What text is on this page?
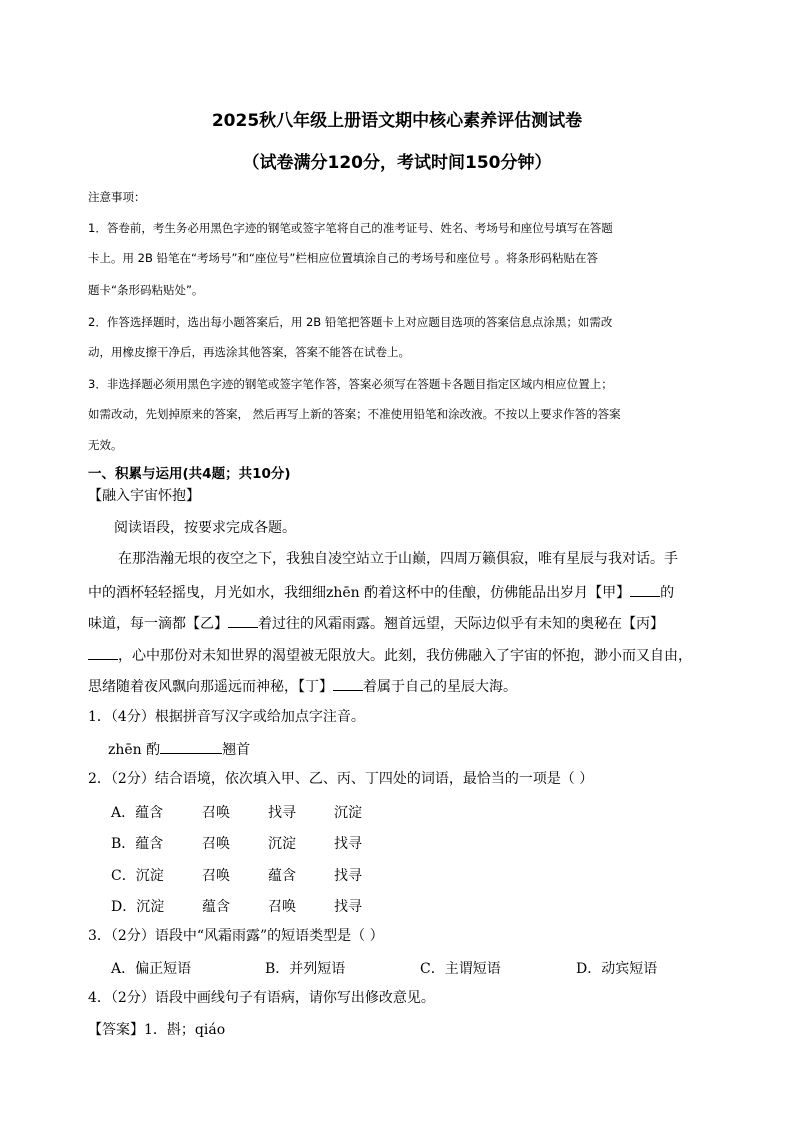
2025秋八年级上册语文期中核心素养评估测试卷
（试卷满分120分，考试时间150分钟）
注意事项：
1．答卷前，考生务必用黑色字迹的钢笔或签字笔将自己的准考证号、姓名、考场号和座位号填写在答题
卡上。用 2B 铅笔在“考场号”和“座位号”栏相应位置填涂自己的考场号和座位号 。将条形码粘贴在答
题卡“条形码粘贴处”。
2．作答选择题时，选出每小题答案后，用 2B 铅笔把答题卡上对应题目选项的答案信息点涂黑；如需改
动，用橡皮擦干净后，再选涂其他答案，答案不能答在试卷上。
3．非选择题必须用黑色字迹的钢笔或签字笔作答，答案必须写在答题卡各题目指定区域内相应位置上；
如需改动，先划掉原来的答案， 然后再写上新的答案；不准使用铅笔和涂改液。不按以上要求作答的答案
无效。
一、积累与运用(共4题；共10分)
【融入宇宙怀抱】
阅读语段，按要求完成各题。
在那浩瀚无垠的夜空之下，我独自凌空站立于山巅，四周万籁俱寂，唯有星辰与我对话。手
中的酒杯轻轻摇曳，月光如水，我细细zhēn 酌着这杯中的佳酿，仿佛能品出岁月【甲】 的
味道，每一滴都【乙】 着过往的风霜雨露。翘首远望，天际边似乎有未知的奥秘在【丙】
，心中那份对未知世界的渴望被无限放大。此刻，我仿佛融入了宇宙的怀抱，渺小而又自由，
思绪随着夜风飘向那遥远而神秘，【丁】 着属于自己的星辰大海。
1．（4分）根据拼音写汉字或给加点字注音。
zhēn 酌	翘首
2．（2分）结合语境，依次填入甲、乙、丙、丁四处的词语，最恰当的一项是（ ）
A．蕴含	召唤	找寻	沉淀
B．蕴含	召唤	沉淀	找寻
C．沉淀	召唤	蕴含	找寻
D．沉淀	蕴含	召唤	找寻
3．（2分）语段中“风霜雨露”的短语类型是（ ）
A．偏正短语	B．并列短语	C．主谓短语	D．动宾短语
4．（2分）语段中画线句子有语病，请你写出修改意见。
【答案】1．斟；qiáo
